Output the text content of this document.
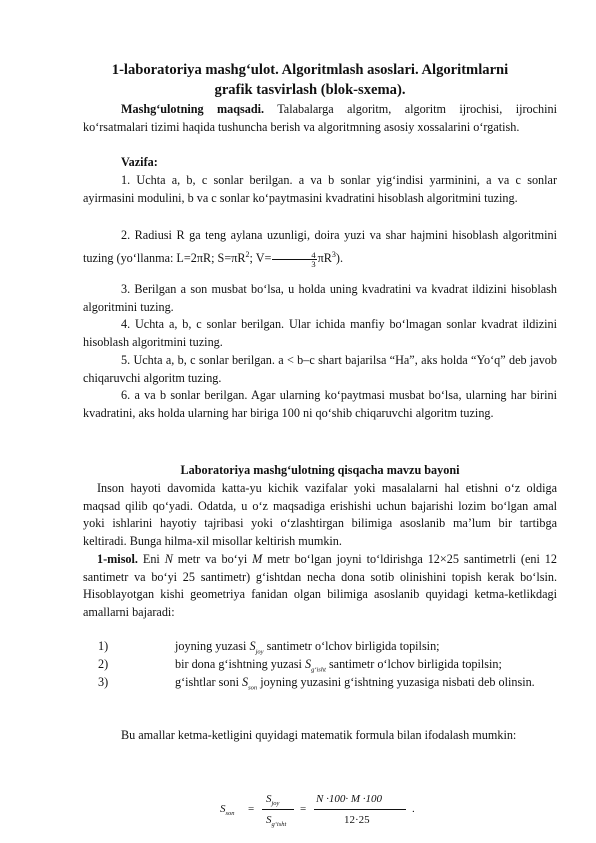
1-laboratoriya mashg‘ulot. Algoritmlash asoslari. Algoritmlarni
grafik tasvirlash (blok-sxema).
Mashg‘ulotning maqsadi. Talabalarga algoritm, algoritm ijrochisi, ijrochini ko‘rsatmalari tizimi haqida tushuncha berish va algoritmning asosiy xossalarini o‘rgatish.
Vazifa:
1. Uchta a, b, c sonlar berilgan. a va b sonlar yig‘indisi yarminini, a va c sonlar ayirmasini modulini, b va c sonlar ko‘paytmasini kvadratini hisoblash algoritmini tuzing.
2. Radiusi R ga teng aylana uzunligi, doira yuzi va shar hajmini hisoblash algoritmini tuzing (yo‘llanma: L=2πR; $S=\pi R^2$; $V= \frac{4}{3} \pi R^3$).
3. Berilgan a son musbat bo‘lsa, u holda uning kvadratini va kvadrat ildizini hisoblash algoritmini tuzing.
4. Uchta a, b, c sonlar berilgan. Ular ichida manfiy bo‘lmagan sonlar kvadrat ildizini hisoblash algoritmini tuzing.
5. Uchta a, b, c sonlar berilgan. a < b–c shart bajarilsa “Ha”, aks holda “Yo‘q” deb javob chiqaruvchi algoritm tuzing.
6. a va b sonlar berilgan. Agar ularning ko‘paytmasi musbat bo‘lsa, ularning har birini kvadratini, aks holda ularning har biriga 100 ni qo‘shib chiqaruvchi algoritm tuzing.
Laboratoriya mashg‘ulotning qisqacha mavzu bayoni
Inson hayoti davomida katta-yu kichik vazifalar yoki masalalarni hal etishni o‘z oldiga maqsad qilib qo‘yadi. Odatda, u o‘z maqsadiga erishishi uchun bajarishi lozim bo‘lgan amal yoki ishlarini hayotiy tajribasi yoki o‘zlashtirgan bilimiga asoslanib ma’lum bir tartibga keltiradi. Bunga hilma-xil misollar keltirish mumkin.
1-misol. Eni N metr va bo‘yi M metr bo‘lgan joyni to‘ldirishga 12×25 santimetrli (eni 12 santimetr va bo‘yi 25 santimetr) g‘ishtdan necha dona sotib olinishini topish kerak bo‘lsin. Hisoblayotgan kishi geometriya fanidan olgan bilimiga asoslanib quyidagi ketma-ketlikdagi amallarni bajaradi:
1)	joyning yuzasi $S_{joy}$ santimetr o‘lchov birligida topilsin;
2)	bir dona g‘ishtning yuzasi $S_{g‘isht}$ santimetr o‘lchov birligida topilsin;
3)	g‘ishtlar soni $S_{son}$ joyning yuzasini g‘ishtning yuzasiga nisbati deb olinsin.
Bu amallar ketma-ketligini quyidagi matematik formula bilan ifodalash mumkin:
$S_{son}$ =
$S_{joy}$
$S_{g‘isht}$
=
N ·100· M ·100
12·25
.
